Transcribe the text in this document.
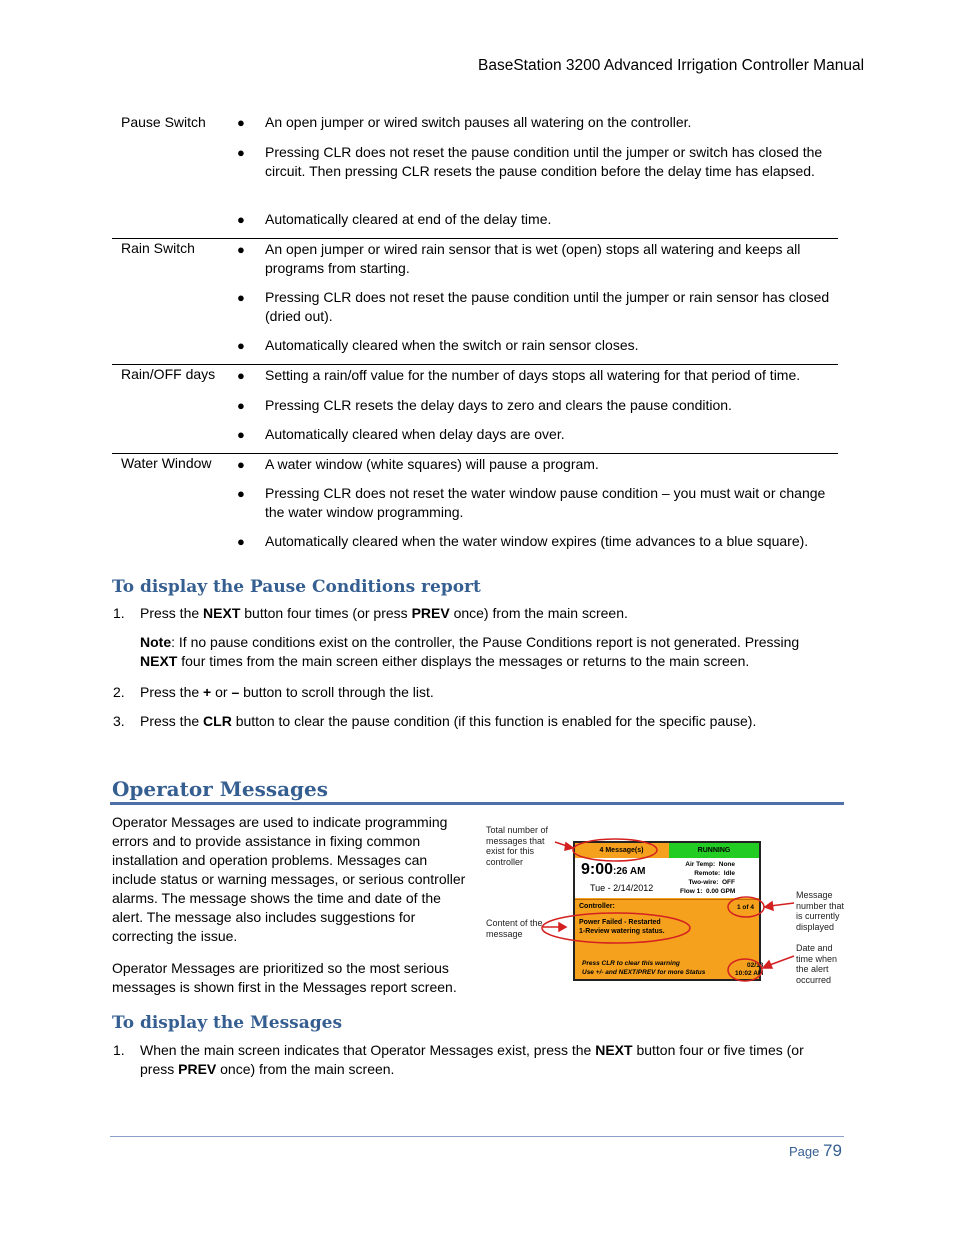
BaseStation 3200 Advanced Irrigation Controller Manual
Pause Switch ● An open jumper or wired switch pauses all watering on the controller.
● Pressing CLR does not reset the pause condition until the jumper or switch has closed the circuit. Then pressing CLR resets the pause condition before the delay time has elapsed.
● Automatically cleared at end of the delay time.
Rain Switch	● An open jumper or wired rain sensor that is wet (open) stops all watering and keeps all programs from starting.
● Pressing CLR does not reset the pause condition until the jumper or rain sensor has closed (dried out).
● Automatically cleared when the switch or rain sensor closes.
Rain/OFF days ● Setting a rain/off value for the number of days stops all watering for that period of time.
● Pressing CLR resets the delay days to zero and clears the pause condition.
● Automatically cleared when delay days are over.
Water Window ● A water window (white squares) will pause a program.
● Pressing CLR does not reset the water window pause condition – you must wait or change the water window programming.
● Automatically cleared when the water window expires (time advances to a blue square).
To display the Pause Conditions report
1. Press the NEXT button four times (or press PREV once) from the main screen.
Note: If no pause conditions exist on the controller, the Pause Conditions report is not generated. Pressing NEXT four times from the main screen either displays the messages or returns to the main screen.
2. Press the + or – button to scroll through the list.
3. Press the CLR button to clear the pause condition (if this function is enabled for the specific pause).
Operator Messages
Operator Messages are used to indicate programming errors and to provide assistance in fixing common installation and operation problems. Messages can include status or warning messages, or serious controller alarms. The message shows the time and date of the alert. The message also includes suggestions for correcting the issue.
Operator Messages are prioritized so the most serious messages is shown first in the Messages report screen.
Total number of messages that exist for this controller
Content of the message
Message number that is currently displayed
Date and time when the alert occurred
4 Message(s)	RUNNING
9:00:26 AM
Tue - 2/14/2012
Air Temp:  None
Remote:  Idle
Two-wire:  OFF
Flow 1:  0.00 GPM
Controller:	1 of 4
Power Failed - Restarted
1-Review watering status.
Press CLR to clear this warning
Use +/- and NEXT/PREV for more Status
02/13
10:02 AM
To display the Messages
1. When the main screen indicates that Operator Messages exist, press the NEXT button four or five times (or press PREV once) from the main screen.
Page 79
